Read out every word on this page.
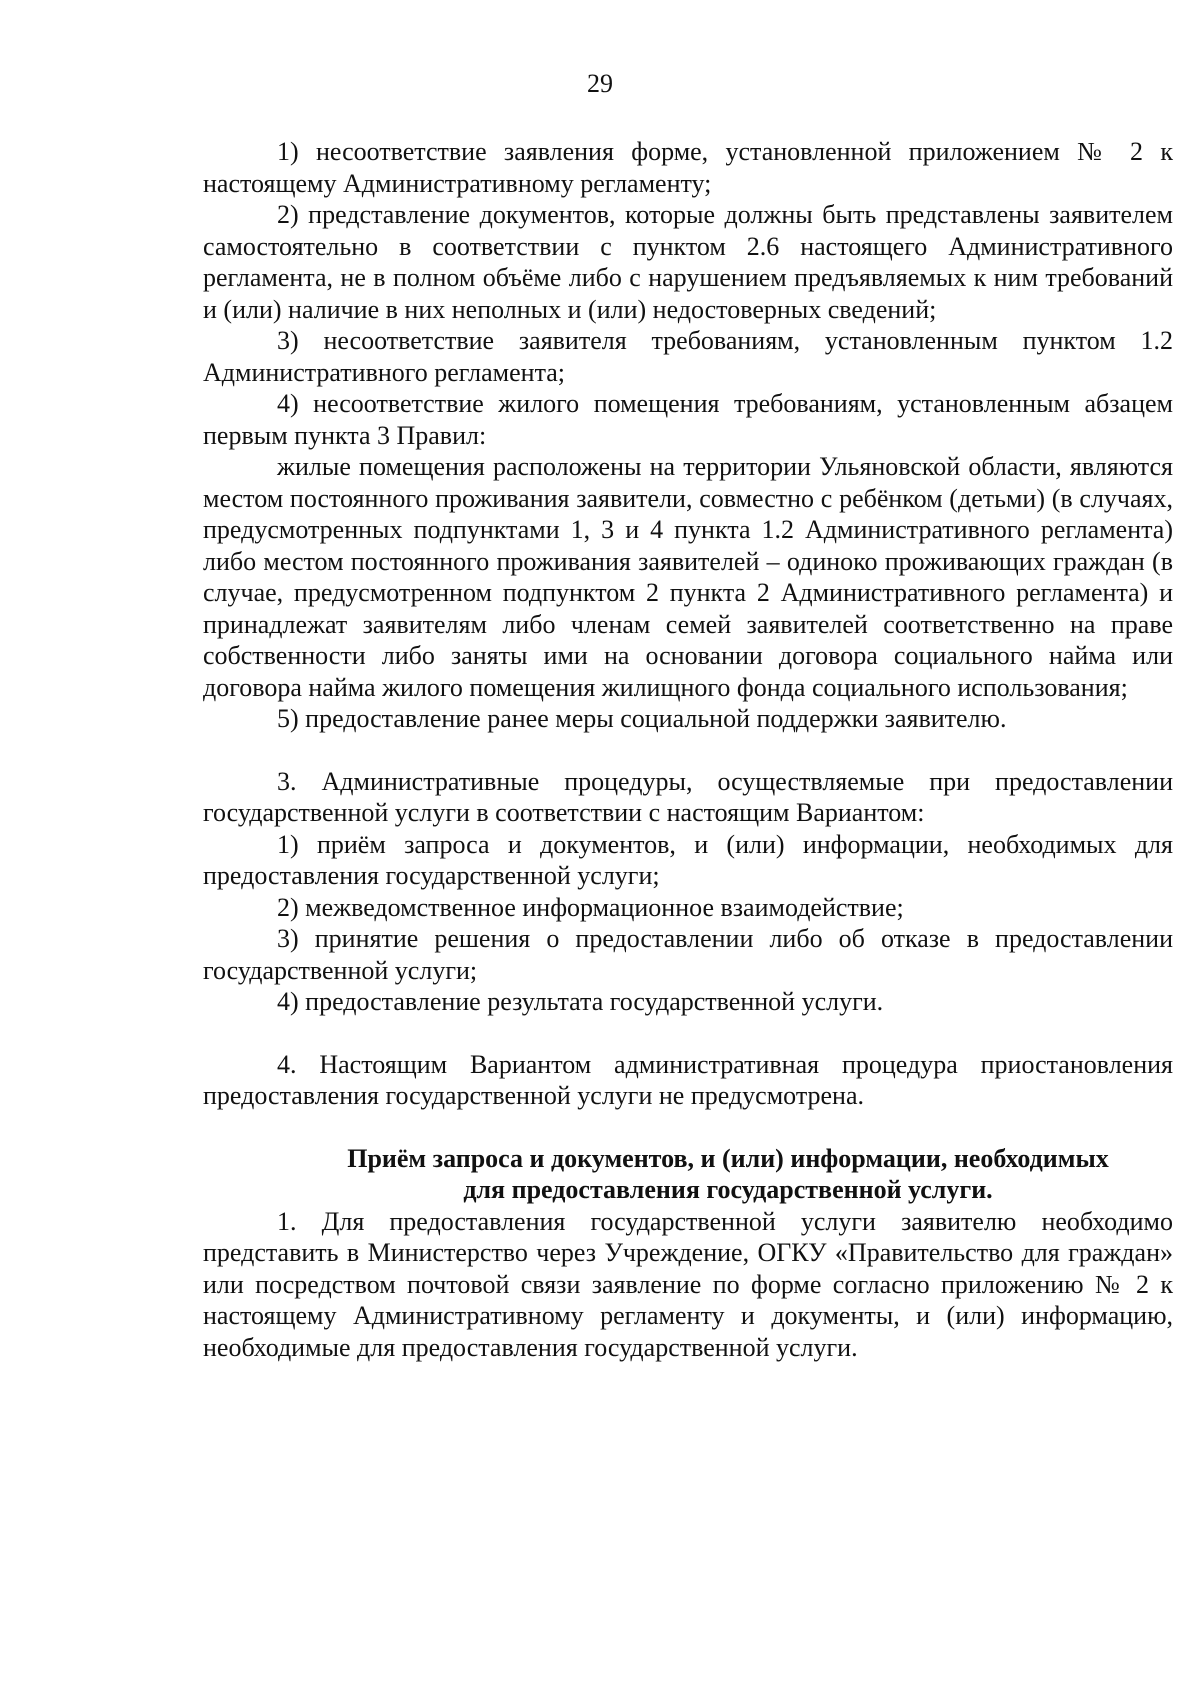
29

1) несоответствие заявления форме, установленной приложением № 2 к настоящему Административному регламенту;

2) представление документов, которые должны быть представлены заявителем самостоятельно в соответствии с пунктом 2.6 настоящего Административного регламента, не в полном объёме либо с нарушением предъявляемых к ним требований и (или) наличие в них неполных и (или) недостоверных сведений;

3) несоответствие заявителя требованиям, установленным пунктом 1.2 Административного регламента;

4) несоответствие жилого помещения требованиям, установленным абзацем первым пункта 3 Правил:

жилые помещения расположены на территории Ульяновской области, являются местом постоянного проживания заявители, совместно с ребёнком (детьми) (в случаях, предусмотренных подпунктами 1, 3 и 4 пункта 1.2 Административного регламента) либо местом постоянного проживания заявителей – одиноко проживающих граждан (в случае, предусмотренном подпунктом 2 пункта 2 Административного регламента) и принадлежат заявителям либо членам семей заявителей соответственно на праве собственности либо заняты ими на основании договора социального найма или договора найма жилого помещения жилищного фонда социального использования;

5) предоставление ранее меры социальной поддержки заявителю.

3. Административные процедуры, осуществляемые при предоставлении государственной услуги в соответствии с настоящим Вариантом:

1) приём запроса и документов, и (или) информации, необходимых для предоставления государственной услуги;

2) межведомственное информационное взаимодействие;

3) принятие решения о предоставлении либо об отказе в предоставлении государственной услуги;

4) предоставление результата государственной услуги.

4. Настоящим Вариантом административная процедура приостановления предоставления государственной услуги не предусмотрена.

Приём запроса и документов, и (или) информации, необходимых
для предоставления государственной услуги.

1. Для предоставления государственной услуги заявителю необходимо представить в Министерство через Учреждение, ОГКУ «Правительство для граждан» или посредством почтовой связи заявление по форме согласно приложению № 2 к настоящему Административному регламенту и документы, и (или) информацию, необходимые для предоставления государственной услуги.
